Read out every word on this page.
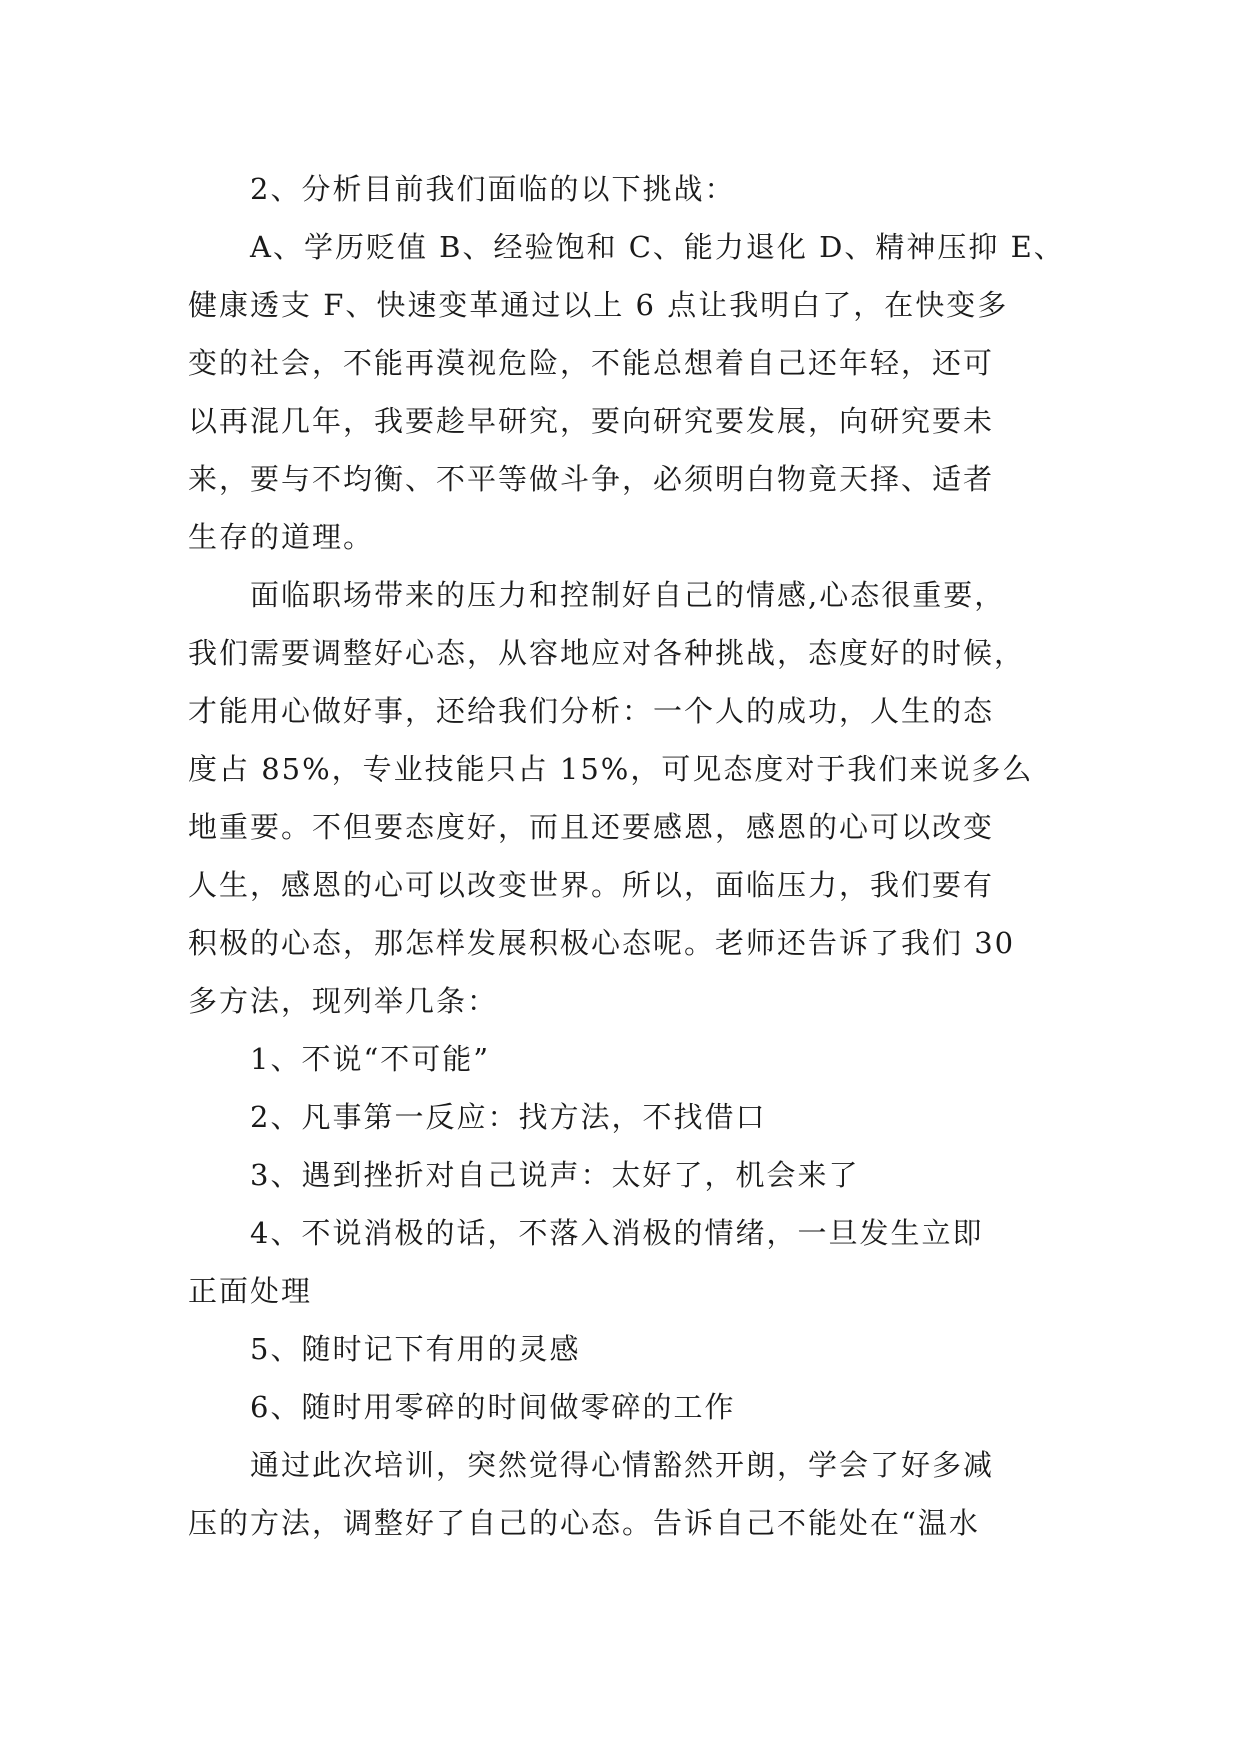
2、分析目前我们面临的以下挑战：
A、学历贬值 B、经验饱和 C、能力退化 D、精神压抑 E、
健康透支 F、快速变革通过以上 6 点让我明白了，在快变多
变的社会，不能再漠视危险，不能总想着自己还年轻，还可
以再混几年，我要趁早研究，要向研究要发展，向研究要未
来，要与不均衡、不平等做斗争，必须明白物竟天择、适者
生存的道理。
面临职场带来的压力和控制好自己的情感,心态很重要，
我们需要调整好心态，从容地应对各种挑战，态度好的时候，
才能用心做好事，还给我们分析：一个人的成功，人生的态
度占 85%，专业技能只占 15%，可见态度对于我们来说多么
地重要。不但要态度好，而且还要感恩，感恩的心可以改变
人生，感恩的心可以改变世界。所以，面临压力，我们要有
积极的心态，那怎样发展积极心态呢。老师还告诉了我们 30
多方法，现列举几条：
1、不说“不可能”
2、凡事第一反应：找方法，不找借口
3、遇到挫折对自己说声：太好了，机会来了
4、不说消极的话，不落入消极的情绪，一旦发生立即
正面处理
5、随时记下有用的灵感
6、随时用零碎的时间做零碎的工作
通过此次培训，突然觉得心情豁然开朗，学会了好多减
压的方法，调整好了自己的心态。告诉自己不能处在“温水
